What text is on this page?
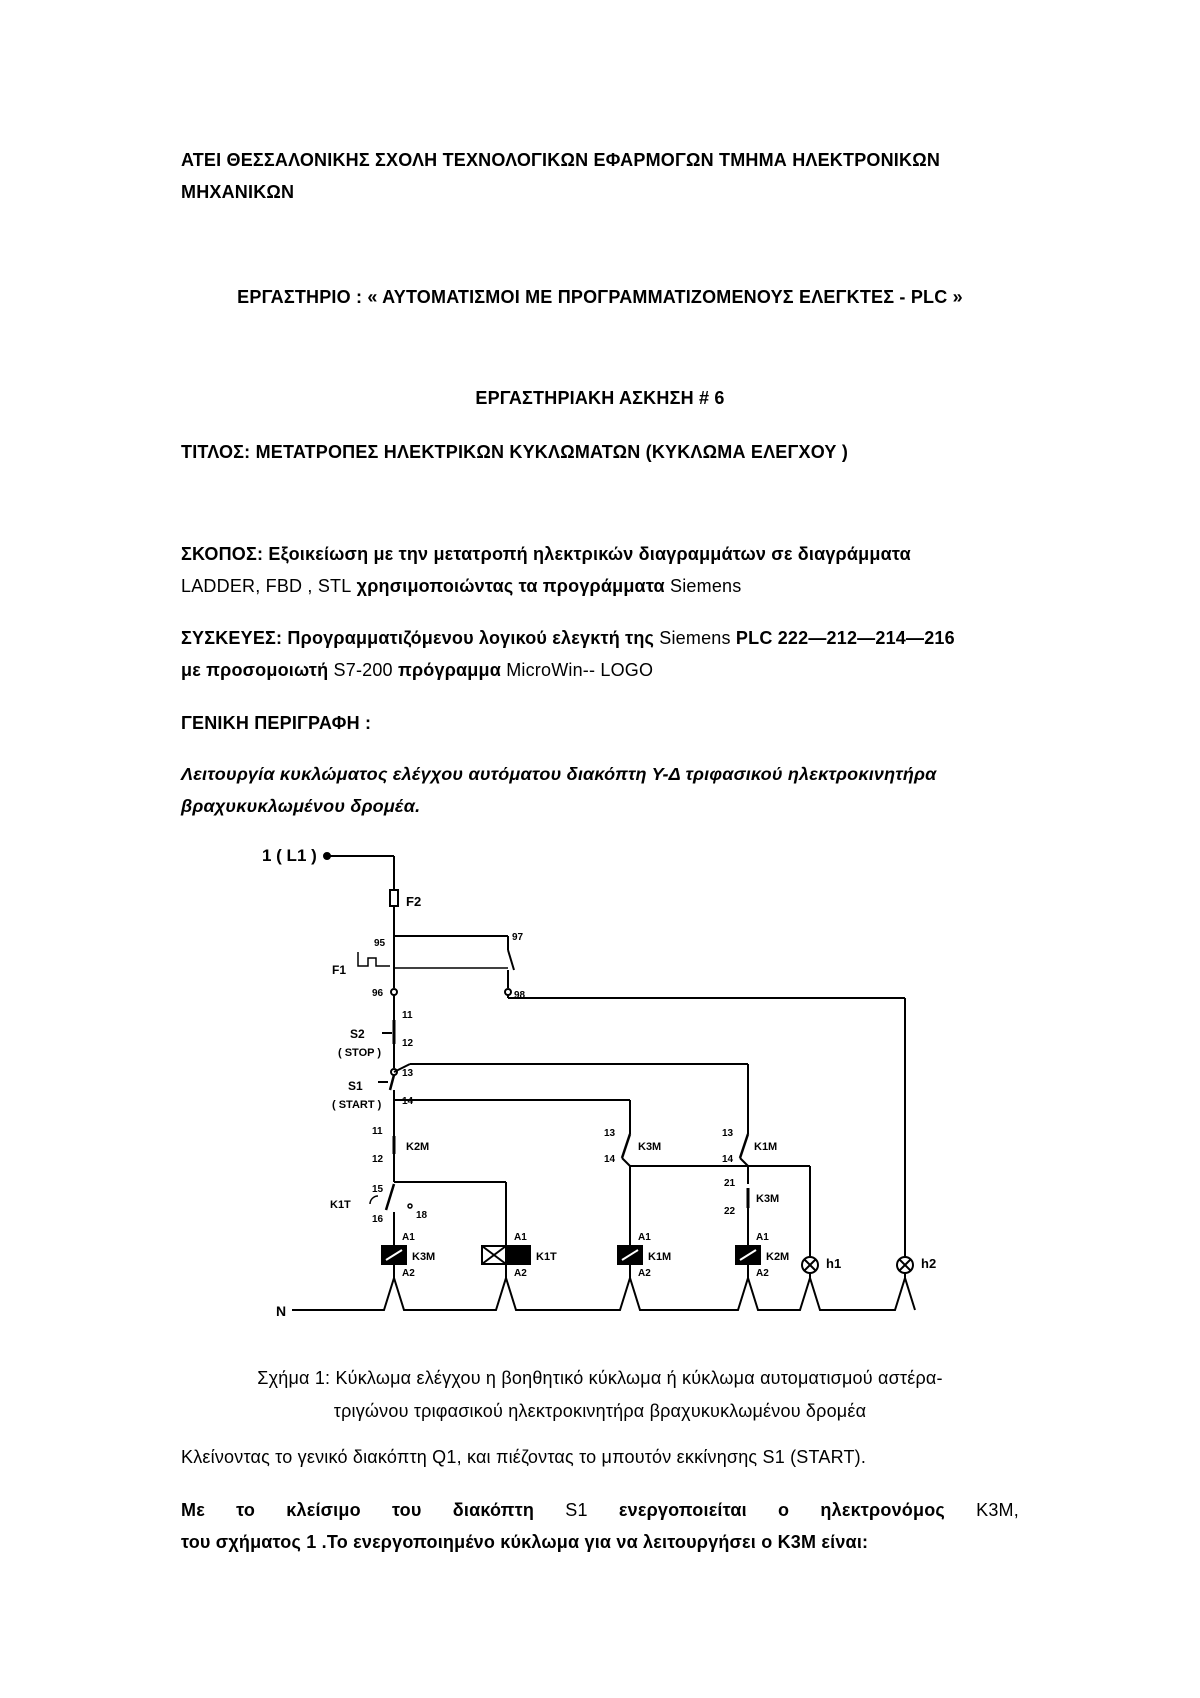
ΑΤΕΙ ΘΕΣΣΑΛΟΝΙΚΗΣ ΣΧΟΛΗ ΤΕΧΝΟΛΟΓΙΚΩΝ ΕΦΑΡΜΟΓΩΝ ΤΜΗΜΑ ΗΛΕΚΤΡΟΝΙΚΩΝ
ΜΗΧΑΝΙΚΩΝ
ΕΡΓΑΣΤΗΡΙΟ : « ΑΥΤΟΜΑΤΙΣΜΟΙ ΜΕ ΠΡΟΓΡΑΜΜΑΤΙΖΟΜΕΝΟΥΣ ΕΛΕΓΚΤΕΣ - PLC »
ΕΡΓΑΣΤΗΡΙΑΚΗ ΑΣΚΗΣΗ # 6
ΤΙΤΛΟΣ: ΜΕΤΑΤΡΟΠΕΣ ΗΛΕΚΤΡΙΚΩΝ ΚΥΚΛΩΜΑΤΩΝ (ΚΥΚΛΩΜΑ ΕΛΕΓΧΟΥ )
ΣΚΟΠΟΣ: Εξοικείωση με την μετατροπή ηλεκτρικών διαγραμμάτων σε διαγράμματα
LADDER, FBD , STL χρησιμοποιώντας τα προγράμματα Siemens
ΣΥΣΚΕΥΕΣ: Προγραμματιζόμενου λογικού ελεγκτή της Siemens PLC 222—212—214—216
με προσομοιωτή S7-200 πρόγραμμα MicroWin-- LOGO
ΓΕΝΙΚΗ ΠΕΡΙΓΡΑΦΗ :
Λειτουργία κυκλώματος ελέγχου αυτόματου διακόπτη Υ-Δ τριφασικού ηλεκτροκινητήρα
βραχυκυκλωμένου δρομέα.
1 ( L1 )
F2
95
97
F1
96	98
11
S2
( STOP )
12
13
S1
( START ) 14
11
K2M
12
15
K1T
18
16
13
K3M
14
13
K1M
14
21
K3M
22
A1
K3M
A2
A1
K1T
A2
A1
K1M
A2
A1
K2M
A2
h1	h2
N
Σχήμα 1: Κύκλωμα ελέγχου η βοηθητικό κύκλωμα ή κύκλωμα αυτοματισμού αστέρα-
τριγώνου τριφασικού ηλεκτροκινητήρα βραχυκυκλωμένου δρομέα
Κλείνοντας το γενικό διακόπτη Q1, και πιέζοντας το μπουτόν εκκίνησης S1 (START).
Με το κλείσιμο του διακόπτη S1 ενεργοποιείται ο ηλεκτρονόμος K3M,
του σχήματος 1 .Το ενεργοποιημένο κύκλωμα για να λειτουργήσει ο K3M είναι:
